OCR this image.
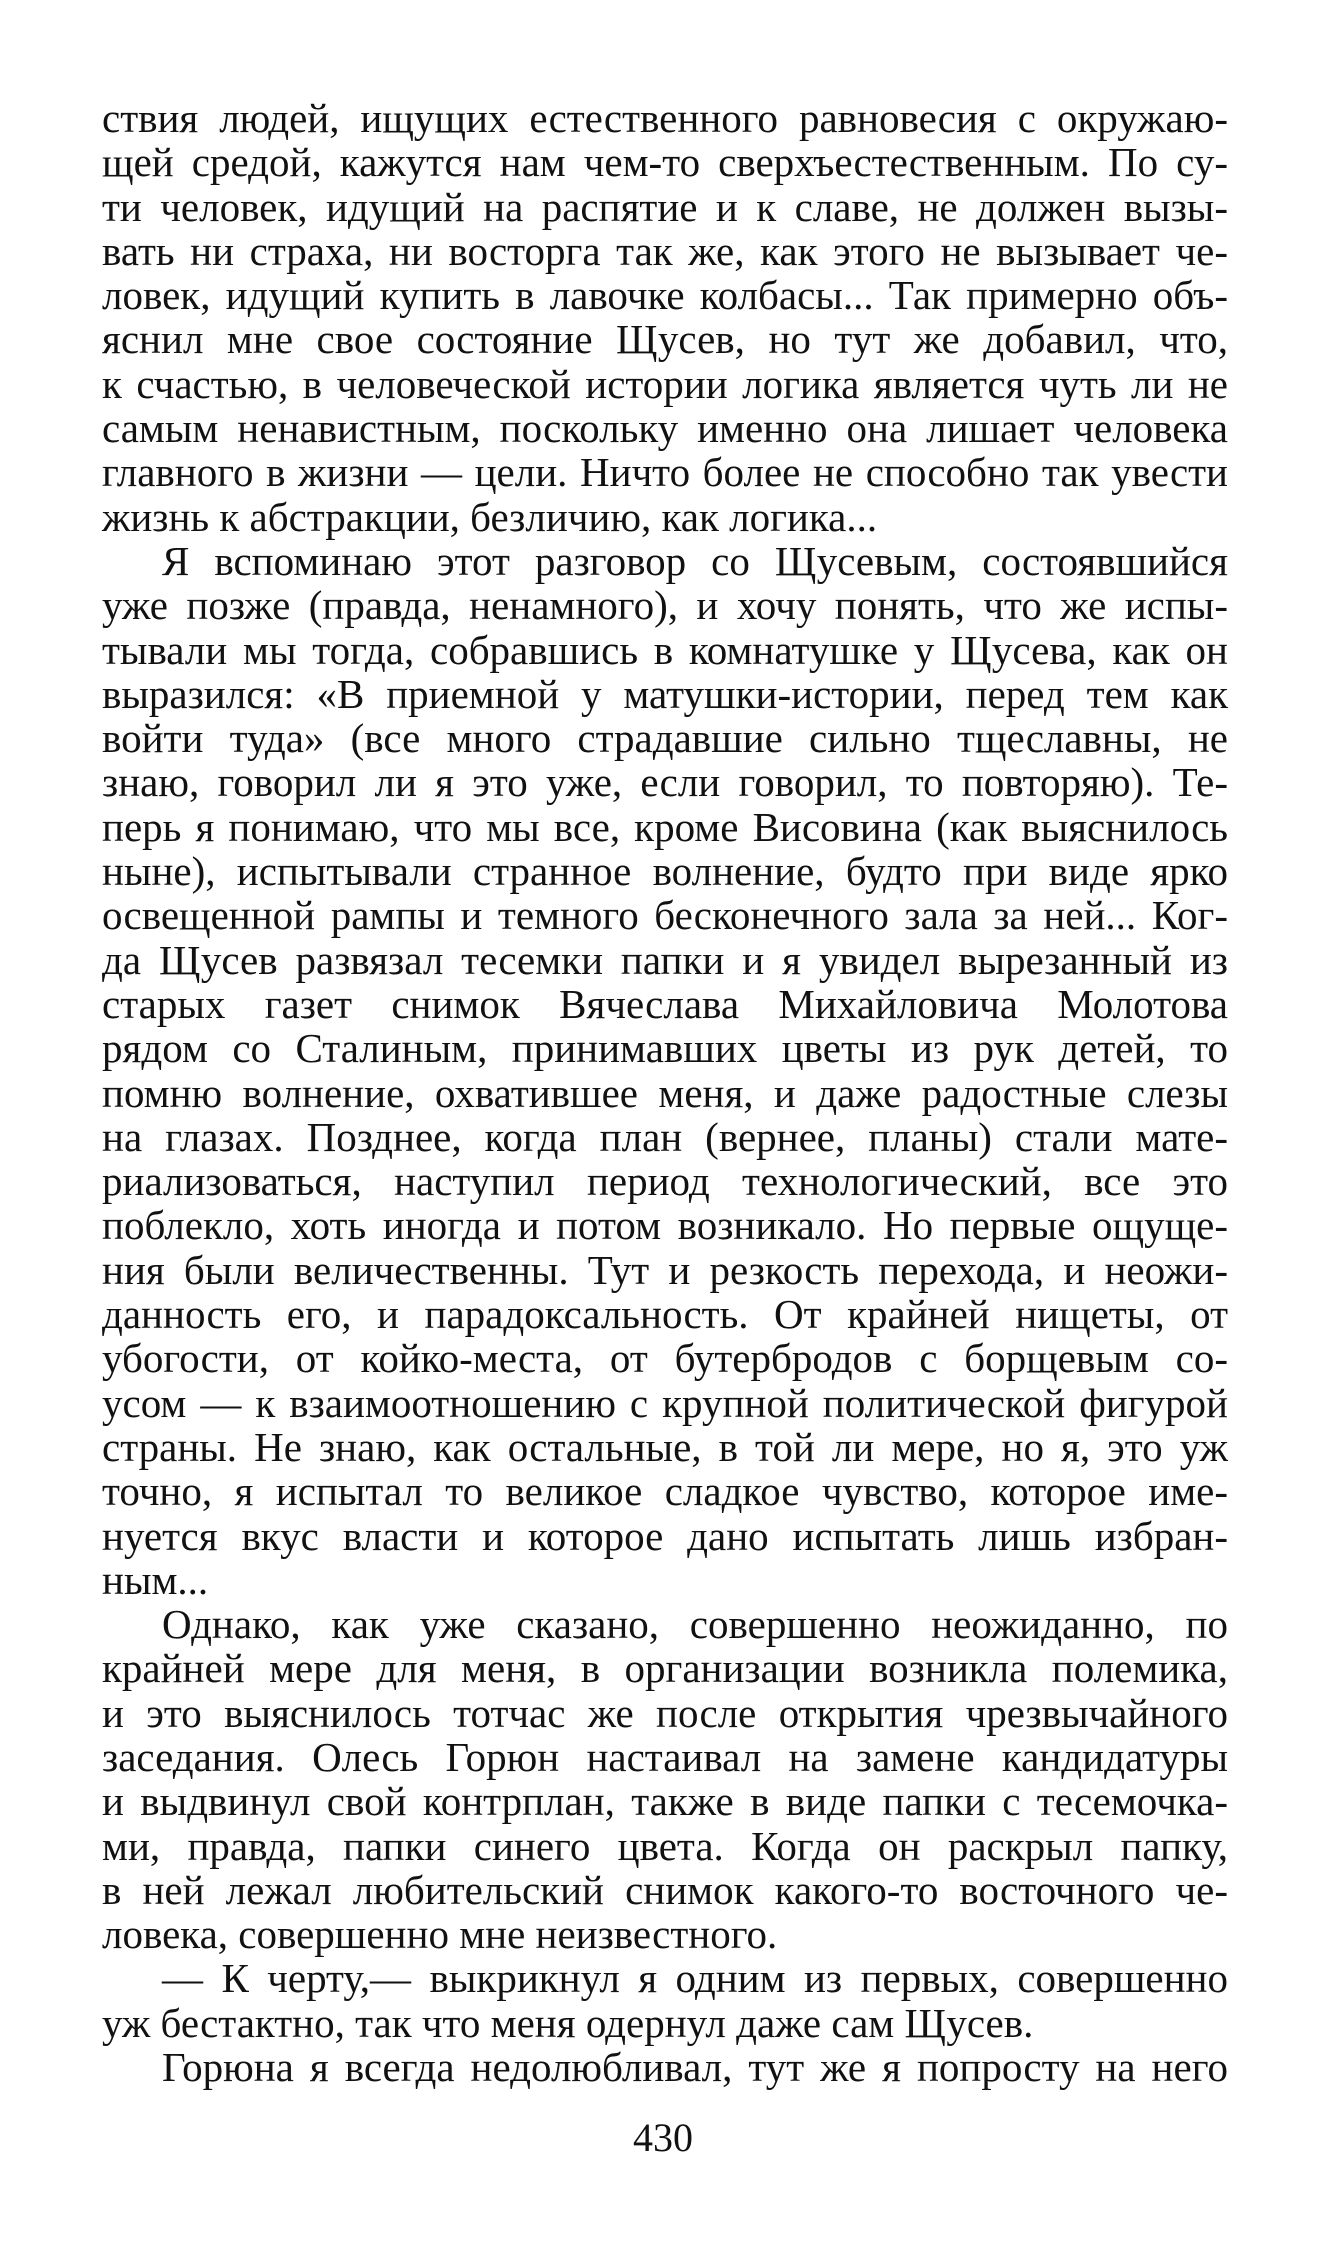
ствия людей, ищущих естественного равновесия с окружаю-
щей средой, кажутся нам чем-то сверхъестественным. По су-
ти человек, идущий на распятие и к славе, не должен вызы-
вать ни страха, ни восторга так же, как этого не вызывает че-
ловек, идущий купить в лавочке колбасы... Так примерно объ-
яснил мне свое состояние Щусев, но тут же добавил, что,
к счастью, в человеческой истории логика является чуть ли не
самым ненавистным, поскольку именно она лишает человека
главного в жизни — цели. Ничто более не способно так увести
жизнь к абстракции, безличию, как логика...
Я вспоминаю этот разговор со Щусевым, состоявшийся
уже позже (правда, ненамного), и хочу понять, что же испы-
тывали мы тогда, собравшись в комнатушке у Щусева, как он
выразился: «В приемной у матушки-истории, перед тем как
войти туда» (все много страдавшие сильно тщеславны, не
знаю, говорил ли я это уже, если говорил, то повторяю). Те-
перь я понимаю, что мы все, кроме Висовина (как выяснилось
ныне), испытывали странное волнение, будто при виде ярко
освещенной рампы и темного бесконечного зала за ней... Ког-
да Щусев развязал тесемки папки и я увидел вырезанный из
старых газет снимок Вячеслава Михайловича Молотова
рядом со Сталиным, принимавших цветы из рук детей, то
помню волнение, охватившее меня, и даже радостные слезы
на глазах. Позднее, когда план (вернее, планы) стали мате-
риализоваться, наступил период технологический, все это
поблекло, хоть иногда и потом возникало. Но первые ощуще-
ния были величественны. Тут и резкость перехода, и неожи-
данность его, и парадоксальность. От крайней нищеты, от
убогости, от койко-места, от бутербродов с борщевым со-
усом — к взаимоотношению с крупной политической фигурой
страны. Не знаю, как остальные, в той ли мере, но я, это уж
точно, я испытал то великое сладкое чувство, которое име-
нуется вкус власти и которое дано испытать лишь избран-
ным...
Однако, как уже сказано, совершенно неожиданно, по
крайней мере для меня, в организации возникла полемика,
и это выяснилось тотчас же после открытия чрезвычайного
заседания. Олесь Горюн настаивал на замене кандидатуры
и выдвинул свой контрплан, также в виде папки с тесемочка-
ми, правда, папки синего цвета. Когда он раскрыл папку,
в ней лежал любительский снимок какого-то восточного че-
ловека, совершенно мне неизвестного.
— К черту,— выкрикнул я одним из первых, совершенно
уж бестактно, так что меня одернул даже сам Щусев.
Горюна я всегда недолюбливал, тут же я попросту на него
430
